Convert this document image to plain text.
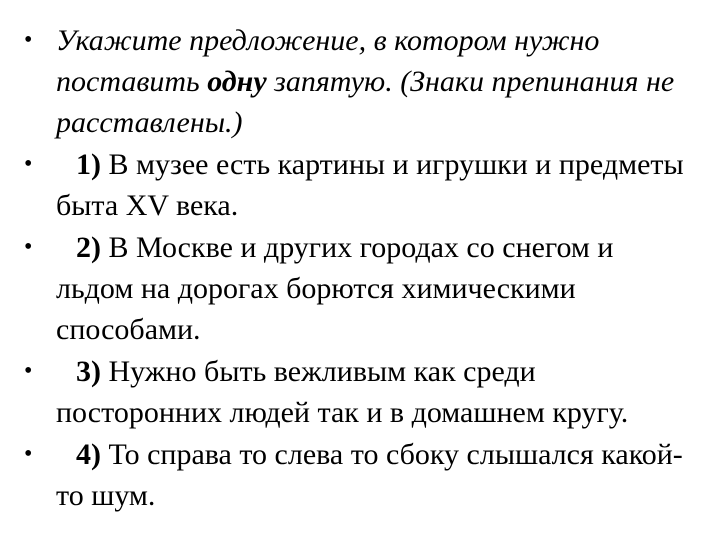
• Укажите предложение, в котором нужно поставить одну запятую. (Знаки препинания не расставлены.)
• 1) В музее есть картины и игрушки и предметы быта XV века.
• 2) В Москве и других городах со снегом и льдом на дорогах борются химическими способами.
• 3) Нужно быть вежливым как среди посторонних людей так и в домашнем кругу.
• 4) То справа то слева то сбоку слышался какой-то шум.
